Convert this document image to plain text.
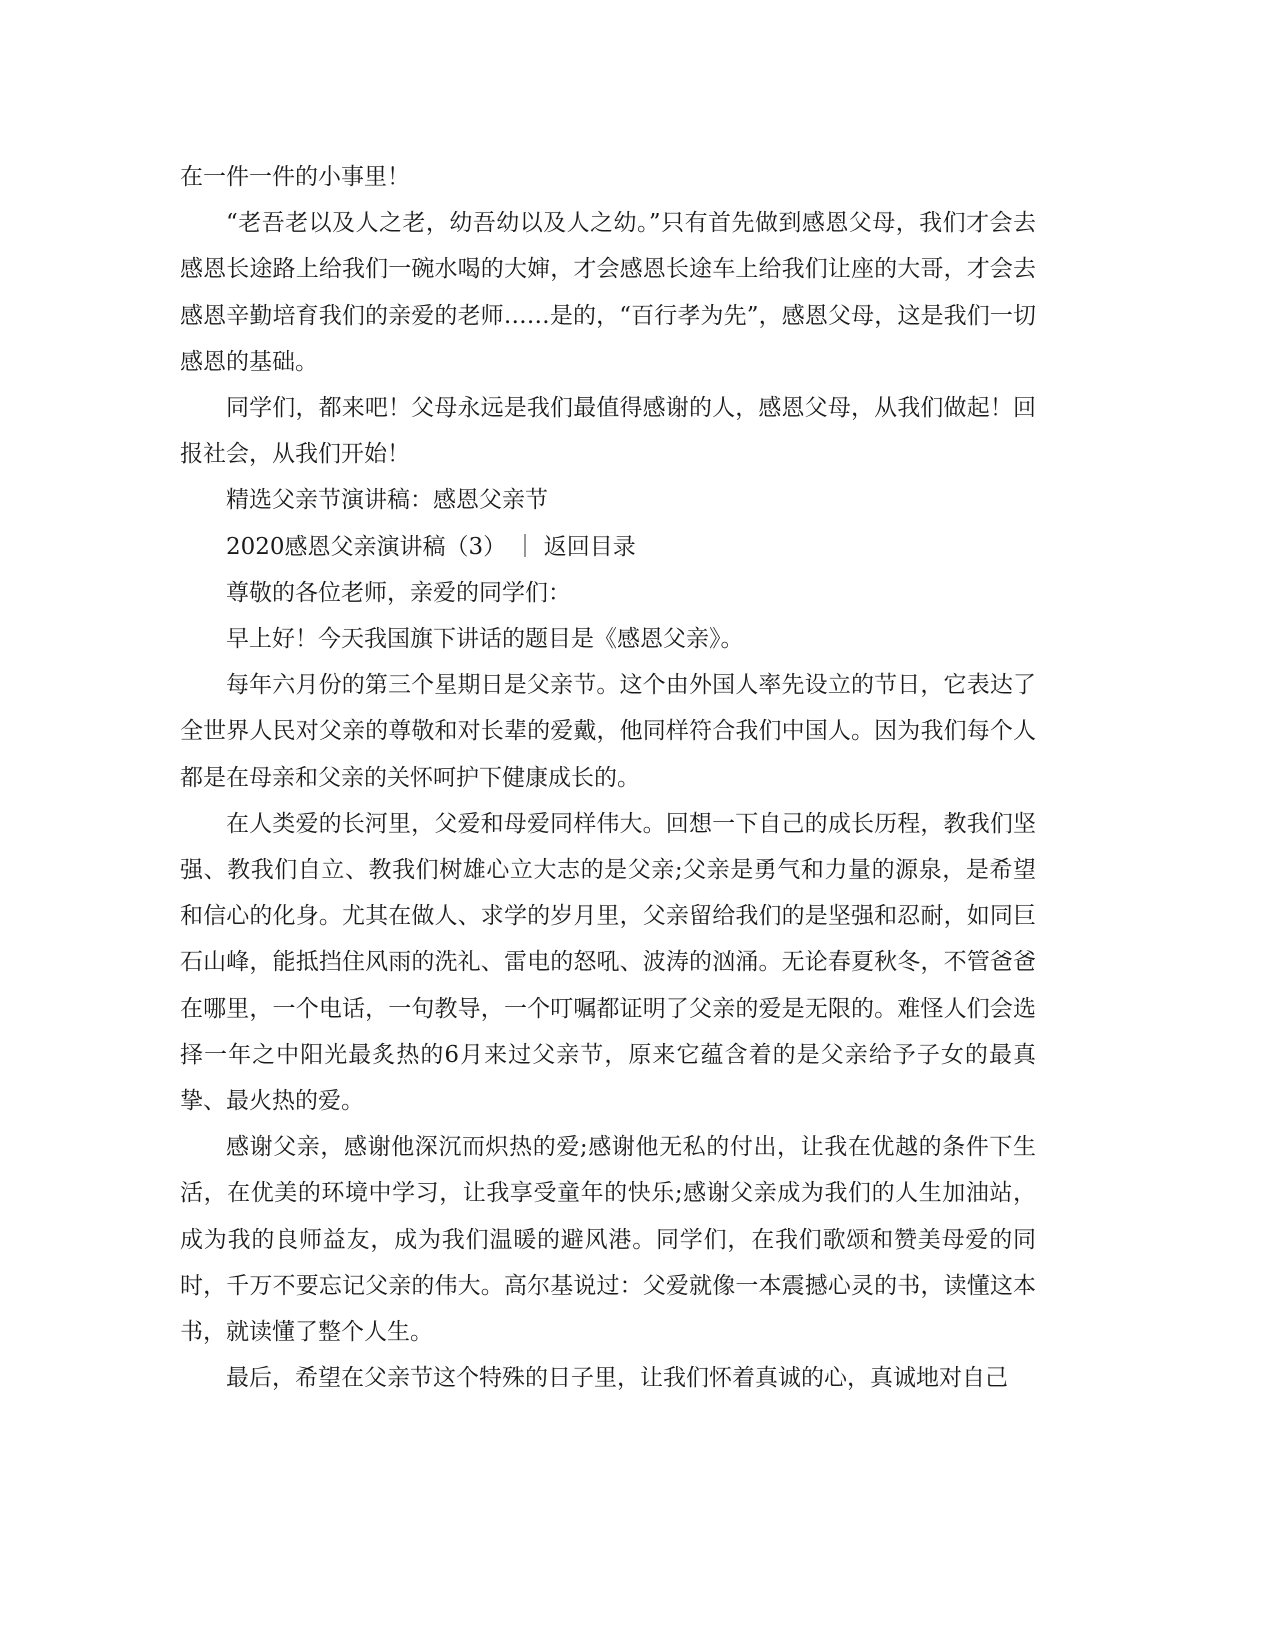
在一件一件的小事里！

“老吾老以及人之老，幼吾幼以及人之幼。”只有首先做到感恩父母，我们才会去感恩长途路上给我们一碗水喝的大婶，才会感恩长途车上给我们让座的大哥，才会去感恩辛勤培育我们的亲爱的老师……是的，“百行孝为先”，感恩父母，这是我们一切感恩的基础。

同学们，都来吧！父母永远是我们最值得感谢的人，感恩父母，从我们做起！回报社会，从我们开始！

精选父亲节演讲稿：感恩父亲节

2020感恩父亲演讲稿（3） ｜ 返回目录

尊敬的各位老师，亲爱的同学们：

早上好！今天我国旗下讲话的题目是《感恩父亲》。

每年六月份的第三个星期日是父亲节。这个由外国人率先设立的节日，它表达了全世界人民对父亲的尊敬和对长辈的爱戴，他同样符合我们中国人。因为我们每个人都是在母亲和父亲的关怀呵护下健康成长的。

在人类爱的长河里，父爱和母爱同样伟大。回想一下自己的成长历程，教我们坚强、教我们自立、教我们树雄心立大志的是父亲;父亲是勇气和力量的源泉，是希望和信心的化身。尤其在做人、求学的岁月里，父亲留给我们的是坚强和忍耐，如同巨石山峰，能抵挡住风雨的洗礼、雷电的怒吼、波涛的汹涌。无论春夏秋冬，不管爸爸在哪里，一个电话，一句教导，一个叮嘱都证明了父亲的爱是无限的。难怪人们会选择一年之中阳光最炙热的6月来过父亲节，原来它蕴含着的是父亲给予子女的最真挚、最火热的爱。

感谢父亲，感谢他深沉而炽热的爱;感谢他无私的付出，让我在优越的条件下生活，在优美的环境中学习，让我享受童年的快乐;感谢父亲成为我们的人生加油站，成为我的良师益友，成为我们温暖的避风港。同学们，在我们歌颂和赞美母爱的同时，千万不要忘记父亲的伟大。高尔基说过：父爱就像一本震撼心灵的书，读懂这本书，就读懂了整个人生。

最后，希望在父亲节这个特殊的日子里，让我们怀着真诚的心，真诚地对自己
